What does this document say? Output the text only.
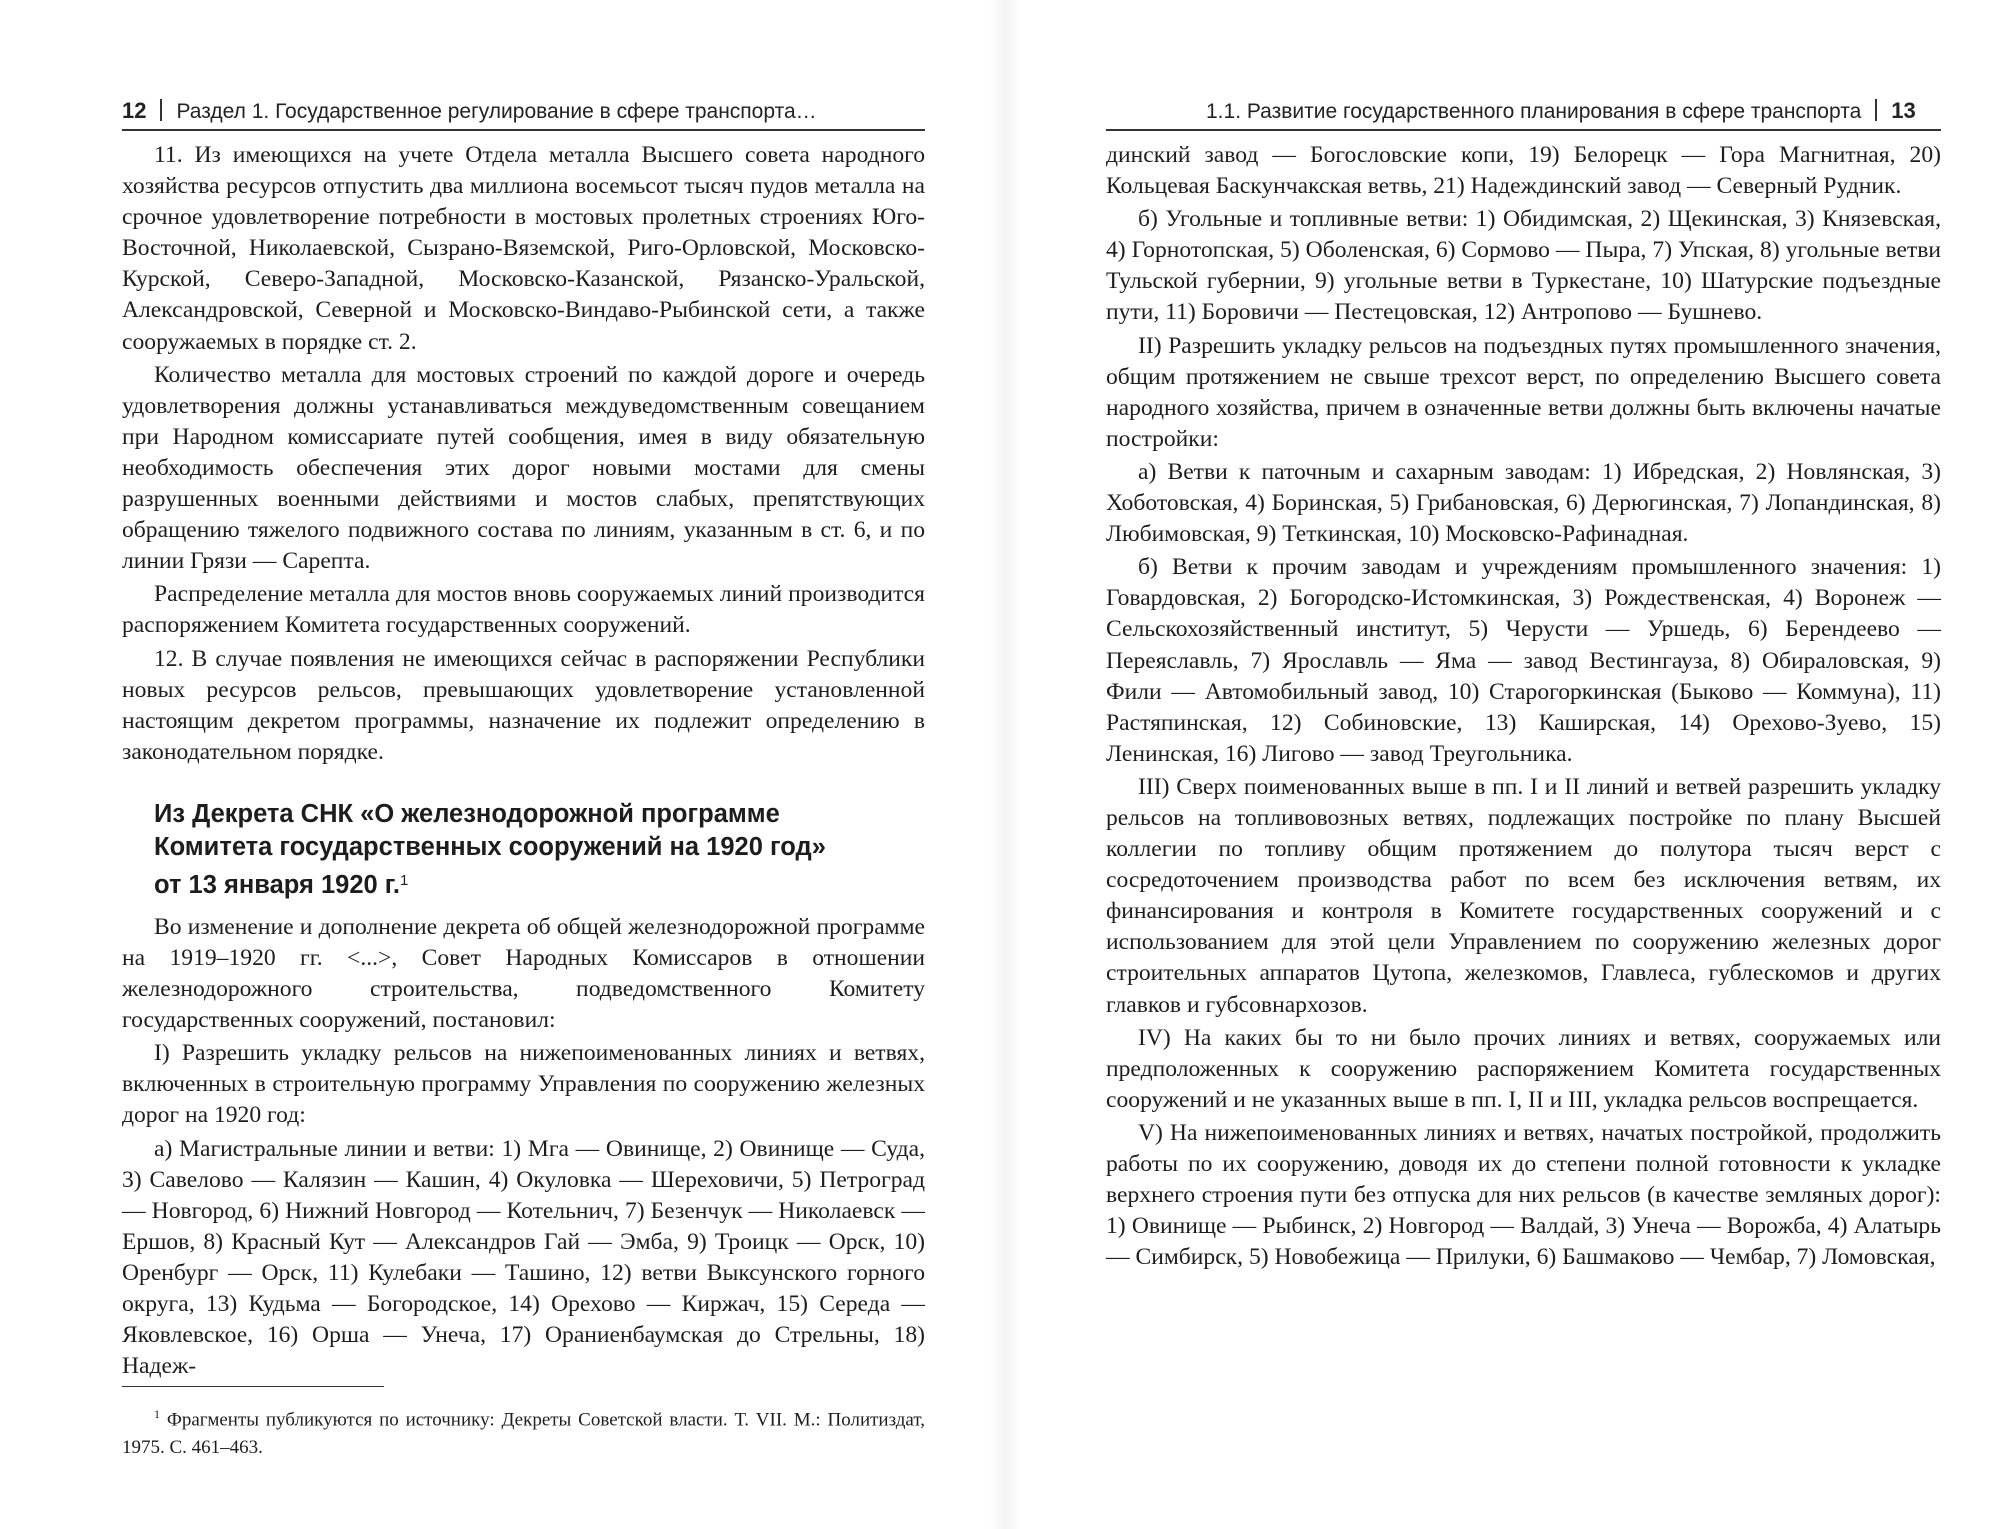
12 Раздел 1. Государственное регулирование в сфере транспорта…

11. Из имеющихся на учете Отдела металла Высшего совета народного хозяйства ресурсов отпустить два миллиона восемьсот тысяч пудов металла на срочное удовлетворение потребности в мостовых пролетных строениях Юго-Восточной, Николаевской, Сызрано-Вяземской, Риго-Орловской, Московско-Курской, Северо-Западной, Московско-Казанской, Рязанско-Уральской, Александровской, Северной и Московско-Виндаво-Рыбинской сети, а также сооружаемых в порядке ст. 2.

Количество металла для мостовых строений по каждой дороге и очередь удовлетворения должны устанавливаться междуведомственным совещанием при Народном комиссариате путей сообщения, имея в виду обязательную необходимость обеспечения этих дорог новыми мостами для смены разрушенных военными действиями и мостов слабых, препятствующих обращению тяжелого подвижного состава по линиям, указанным в ст. 6, и по линии Грязи — Сарепта.

Распределение металла для мостов вновь сооружаемых линий производится распоряжением Комитета государственных сооружений.

12. В случае появления не имеющихся сейчас в распоряжении Республики новых ресурсов рельсов, превышающих удовлетворение установленной настоящим декретом программы, назначение их подлежит определению в законодательном порядке.

Из Декрета СНК «О железнодорожной программе
Комитета государственных сооружений на 1920 год»
от 13 января 1920 г.$^1$

Во изменение и дополнение декрета об общей железнодорожной программе на 1919–1920 гг. <...>, Совет Народных Комиссаров в отношении железнодорожного строительства, подведомственного Комитету государственных сооружений, постановил:

I) Разрешить укладку рельсов на нижепоименованных линиях и ветвях, включенных в строительную программу Управления по сооружению железных дорог на 1920 год:

а) Магистральные линии и ветви: 1) Мга — Овинище, 2) Овинище — Суда, 3) Савелово — Калязин — Кашин, 4) Окуловка — Шереховичи, 5) Петроград — Новгород, 6) Нижний Новгород — Котельнич, 7) Безенчук — Николаевск — Ершов, 8) Красный Кут — Александров Гай — Эмба, 9) Троицк — Орск, 10) Оренбург — Орск, 11) Кулебаки — Ташино, 12) ветви Выксунского горного округа, 13) Кудьма — Богородское, 14) Орехово — Киржач, 15) Середа — Яковлевское, 16) Орша — Унеча, 17) Ораниенбаумская до Стрельны, 18) Надеж-

$^1$ Фрагменты публикуются по источнику: Декреты Советской власти. Т. VII. М.: Политиздат, 1975. С. 461–463.
1.1. Развитие государственного планирования в сфере транспорта 13

динский завод — Богословские копи, 19) Белорецк — Гора Магнитная, 20) Кольцевая Баскунчакская ветвь, 21) Надеждинский завод — Северный Рудник.

б) Угольные и топливные ветви: 1) Обидимская, 2) Щекинская, 3) Князевская, 4) Горнотопская, 5) Оболенская, 6) Сормово — Пыра, 7) Упская, 8) угольные ветви Тульской губернии, 9) угольные ветви в Туркестане, 10) Шатурские подъездные пути, 11) Боровичи — Пестецовская, 12) Антропово — Бушнево.

II) Разрешить укладку рельсов на подъездных путях промышленного значения, общим протяжением не свыше трехсот верст, по определению Высшего совета народного хозяйства, причем в означенные ветви должны быть включены начатые постройки:

а) Ветви к паточным и сахарным заводам: 1) Ибредская, 2) Новлянская, 3) Хоботовская, 4) Боринская, 5) Грибановская, 6) Дерюгинская, 7) Лопандинская, 8) Любимовская, 9) Теткинская, 10) Московско-Рафинадная.

б) Ветви к прочим заводам и учреждениям промышленного значения: 1) Говардовская, 2) Богородско-Истомкинская, 3) Рождественская, 4) Воронеж — Сельскохозяйственный институт, 5) Черусти — Уршедь, 6) Берендеево — Переяславль, 7) Ярославль — Яма — завод Вестингауза, 8) Обираловская, 9) Фили — Автомобильный завод, 10) Старогоркинская (Быково — Коммуна), 11) Растяпинская, 12) Собиновские, 13) Каширская, 14) Орехово-Зуево, 15) Ленинская, 16) Лигово — завод Треугольника.

III) Сверх поименованных выше в пп. I и II линий и ветвей разрешить укладку рельсов на топливовозных ветвях, подлежащих постройке по плану Высшей коллегии по топливу общим протяжением до полутора тысяч верст с сосредоточением производства работ по всем без исключения ветвям, их финансирования и контроля в Комитете государственных сооружений и с использованием для этой цели Управлением по сооружению железных дорог строительных аппаратов Цутопа, железкомов, Главлеса, гублескомов и других главков и губсовнархозов.

IV) На каких бы то ни было прочих линиях и ветвях, сооружаемых или предположенных к сооружению распоряжением Комитета государственных сооружений и не указанных выше в пп. I, II и III, укладка рельсов воспрещается.

V) На нижепоименованных линиях и ветвях, начатых постройкой, продолжить работы по их сооружению, доводя их до степени полной готовности к укладке верхнего строения пути без отпуска для них рельсов (в качестве земляных дорог): 1) Овинище — Рыбинск, 2) Новгород — Валдай, 3) Унеча — Ворожба, 4) Алатырь — Симбирск, 5) Новобежица — Прилуки, 6) Башмаково — Чембар, 7) Ломовская,
